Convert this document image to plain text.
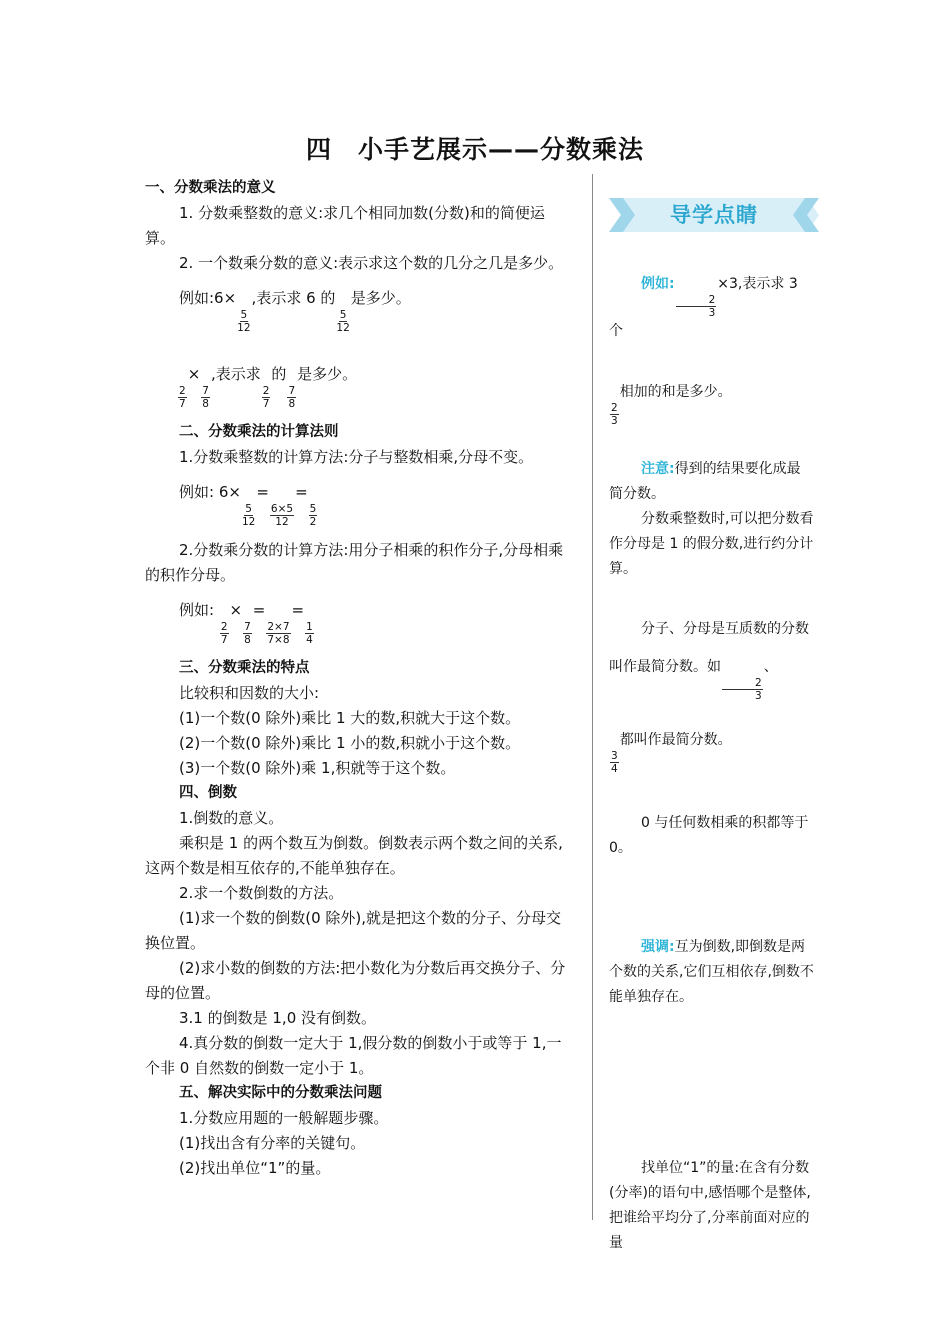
四　小手艺展示——分数乘法

一、分数乘法的意义

1. 分数乘整数的意义:求几个相同加数(分数)和的简便运算。

2. 一个数乘分数的意义:表示求这个数的几分之几是多少。

例如:6×
$\frac{5}{12}$
,表示求 6 的
$\frac{5}{12}$
是多少。

$\frac{2}{7}$
×
$\frac{7}{8}$
,表示求
$\frac{2}{7}$
的
$\frac{7}{8}$
是多少。

二、分数乘法的计算法则

1.分数乘整数的计算方法:分子与整数相乘,分母不变。

例如: 6×
$\frac{5}{12}$
=
$\frac{6\times 5}{12}$
=
$\frac{5}{2}$

2.分数乘分数的计算方法:用分子相乘的积作分子,分母相乘的积作分母。

例如:
$\frac{2}{7}$
×
$\frac{7}{8}$
=
$\frac{2\times 7}{7\times 8}$
=
$\frac{1}{4}$

三、分数乘法的特点

比较积和因数的大小:

(1)一个数(0 除外)乘比 1 大的数,积就大于这个数。

(2)一个数(0 除外)乘比 1 小的数,积就小于这个数。

(3)一个数(0 除外)乘 1,积就等于这个数。

四、倒数

1.倒数的意义。

乘积是 1 的两个数互为倒数。倒数表示两个数之间的关系,这两个数是相互依存的,不能单独存在。

2.求一个数倒数的方法。

(1)求一个数的倒数(0 除外),就是把这个数的分子、分母交换位置。

(2)求小数的倒数的方法:把小数化为分数后再交换分子、分母的位置。

3.1 的倒数是 1,0 没有倒数。

4.真分数的倒数一定大于 1,假分数的倒数小于或等于 1,一个非 0 自然数的倒数一定小于 1。

五、解决实际中的分数乘法问题

1.分数应用题的一般解题步骤。

(1)找出含有分率的关键句。

(2)找出单位“1”的量。

导学点睛

例如:
$\frac{2}{3}$
×3,表示求 3 个

$\frac{2}{3}$
相加的和是多少。

注意:得到的结果要化成最简分数。

分数乘整数时,可以把分数看作分母是 1 的假分数,进行约分计算。

分子、分母是互质数的分数叫作最简分数。如
$\frac{2}{3}$
、

$\frac{3}{4}$
都叫作最简分数。

0 与任何数相乘的积都等于 0。

强调:互为倒数,即倒数是两个数的关系,它们互相依存,倒数不能单独存在。

找单位“1”的量:在含有分数(分率)的语句中,感悟哪个是整体,把谁给平均分了,分率前面对应的量
